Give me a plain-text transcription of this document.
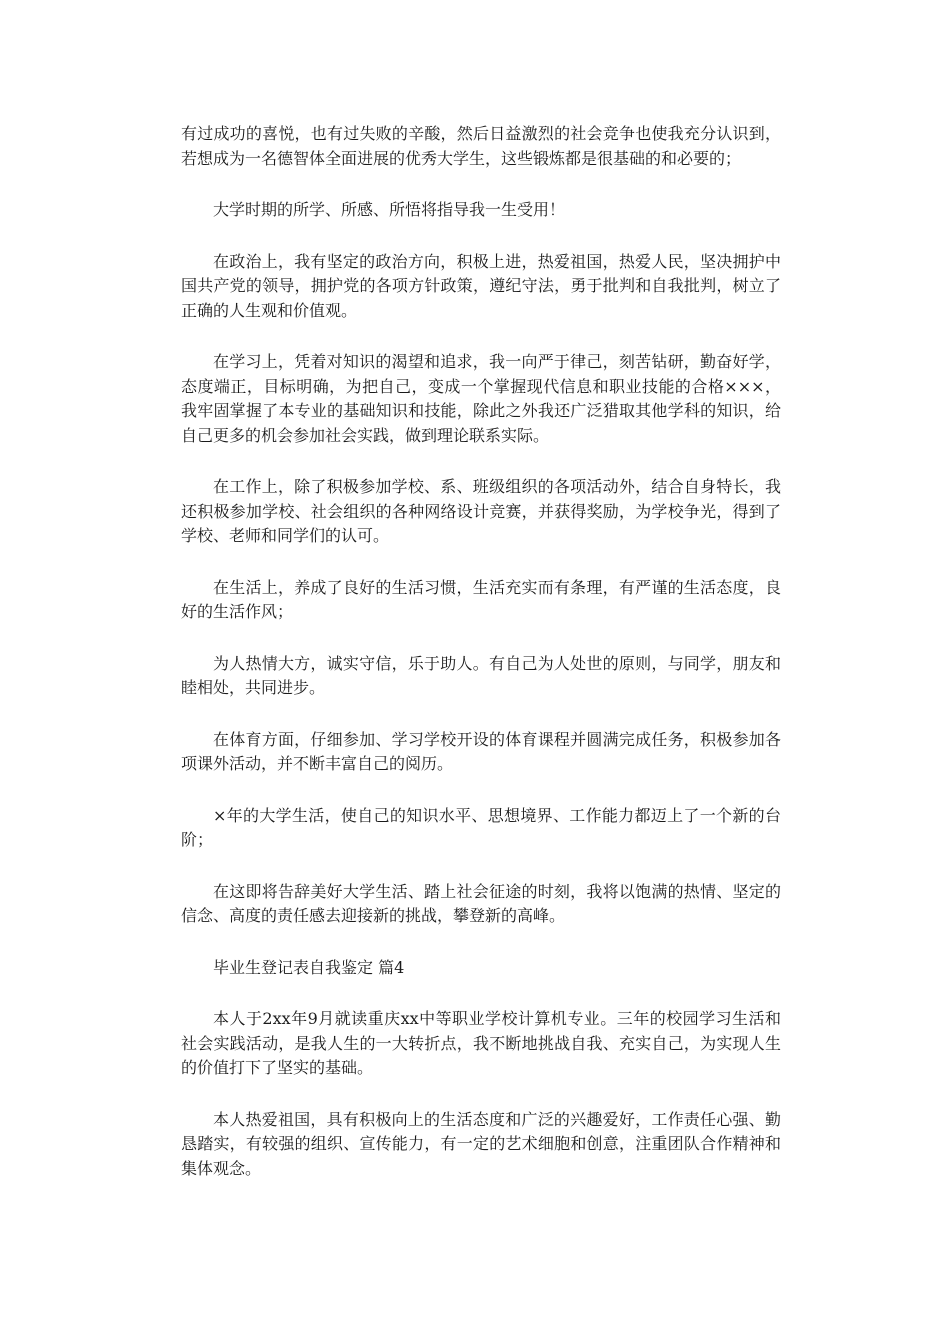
有过成功的喜悦，也有过失败的辛酸，然后日益激烈的社会竞争也使我充分认识到，若想成为一名德智体全面进展的优秀大学生，这些锻炼都是很基础的和必要的；

大学时期的所学、所感、所悟将指导我一生受用！

在政治上，我有坚定的政治方向，积极上进，热爱祖国，热爱人民，坚决拥护中国共产党的领导，拥护党的各项方针政策，遵纪守法，勇于批判和自我批判，树立了正确的人生观和价值观。

在学习上，凭着对知识的渴望和追求，我一向严于律己，刻苦钻研，勤奋好学，态度端正，目标明确，为把自己，变成一个掌握现代信息和职业技能的合格×××，我牢固掌握了本专业的基础知识和技能，除此之外我还广泛猎取其他学科的知识，给自己更多的机会参加社会实践，做到理论联系实际。

在工作上，除了积极参加学校、系、班级组织的各项活动外，结合自身特长，我还积极参加学校、社会组织的各种网络设计竞赛，并获得奖励，为学校争光，得到了学校、老师和同学们的认可。

在生活上，养成了良好的生活习惯，生活充实而有条理，有严谨的生活态度，良好的生活作风；

为人热情大方，诚实守信，乐于助人。有自己为人处世的原则，与同学，朋友和睦相处，共同进步。

在体育方面，仔细参加、学习学校开设的体育课程并圆满完成任务，积极参加各项课外活动，并不断丰富自己的阅历。

×年的大学生活，使自己的知识水平、思想境界、工作能力都迈上了一个新的台阶；

在这即将告辞美好大学生活、踏上社会征途的时刻，我将以饱满的热情、坚定的信念、高度的责任感去迎接新的挑战，攀登新的高峰。

毕业生登记表自我鉴定 篇4

本人于2xx年9月就读重庆xx中等职业学校计算机专业。三年的校园学习生活和社会实践活动，是我人生的一大转折点，我不断地挑战自我、充实自己，为实现人生的价值打下了坚实的基础。

本人热爱祖国，具有积极向上的生活态度和广泛的兴趣爱好，工作责任心强、勤恳踏实，有较强的组织、宣传能力，有一定的艺术细胞和创意，注重团队合作精神和集体观念。
